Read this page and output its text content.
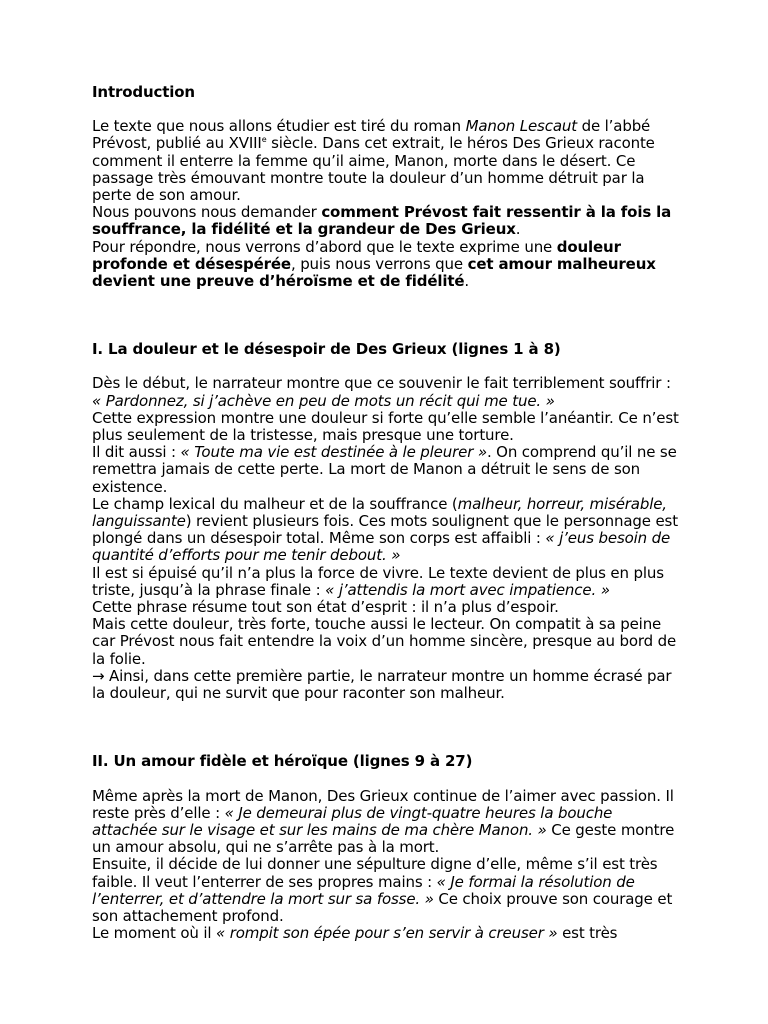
Introduction

Le texte que nous allons étudier est tiré du roman Manon Lescaut de l’abbé Prévost, publié au XVIIIe siècle. Dans cet extrait, le héros Des Grieux raconte comment il enterre la femme qu’il aime, Manon, morte dans le désert. Ce passage très émouvant montre toute la douleur d’un homme détruit par la perte de son amour.

Nous pouvons nous demander comment Prévost fait ressentir à la fois la souffrance, la fidélité et la grandeur de Des Grieux.

Pour répondre, nous verrons d’abord que le texte exprime une douleur profonde et désespérée, puis nous verrons que cet amour malheureux devient une preuve d’héroïsme et de fidélité.

I. La douleur et le désespoir de Des Grieux (lignes 1 à 8)

Dès le début, le narrateur montre que ce souvenir le fait terriblement souffrir : « Pardonnez, si j’achève en peu de mots un récit qui me tue. »

Cette expression montre une douleur si forte qu’elle semble l’anéantir. Ce n’est plus seulement de la tristesse, mais presque une torture.

Il dit aussi : « Toute ma vie est destinée à le pleurer ». On comprend qu’il ne se remettra jamais de cette perte. La mort de Manon a détruit le sens de son existence.

Le champ lexical du malheur et de la souffrance (malheur, horreur, misérable, languissante) revient plusieurs fois. Ces mots soulignent que le personnage est plongé dans un désespoir total. Même son corps est affaibli : « j’eus besoin de quantité d’efforts pour me tenir debout. »

Il est si épuisé qu’il n’a plus la force de vivre. Le texte devient de plus en plus triste, jusqu’à la phrase finale : « j’attendis la mort avec impatience. »

Cette phrase résume tout son état d’esprit : il n’a plus d’espoir.

Mais cette douleur, très forte, touche aussi le lecteur. On compatit à sa peine car Prévost nous fait entendre la voix d’un homme sincère, presque au bord de la folie.

→ Ainsi, dans cette première partie, le narrateur montre un homme écrasé par la douleur, qui ne survit que pour raconter son malheur.

II. Un amour fidèle et héroïque (lignes 9 à 27)

Même après la mort de Manon, Des Grieux continue de l’aimer avec passion. Il reste près d’elle : « Je demeurai plus de vingt-quatre heures la bouche attachée sur le visage et sur les mains de ma chère Manon. » Ce geste montre un amour absolu, qui ne s’arrête pas à la mort.

Ensuite, il décide de lui donner une sépulture digne d’elle, même s’il est très faible. Il veut l’enterrer de ses propres mains : « Je formai la résolution de l’enterrer, et d’attendre la mort sur sa fosse. » Ce choix prouve son courage et son attachement profond.

Le moment où il « rompit son épée pour s’en servir à creuser » est très
